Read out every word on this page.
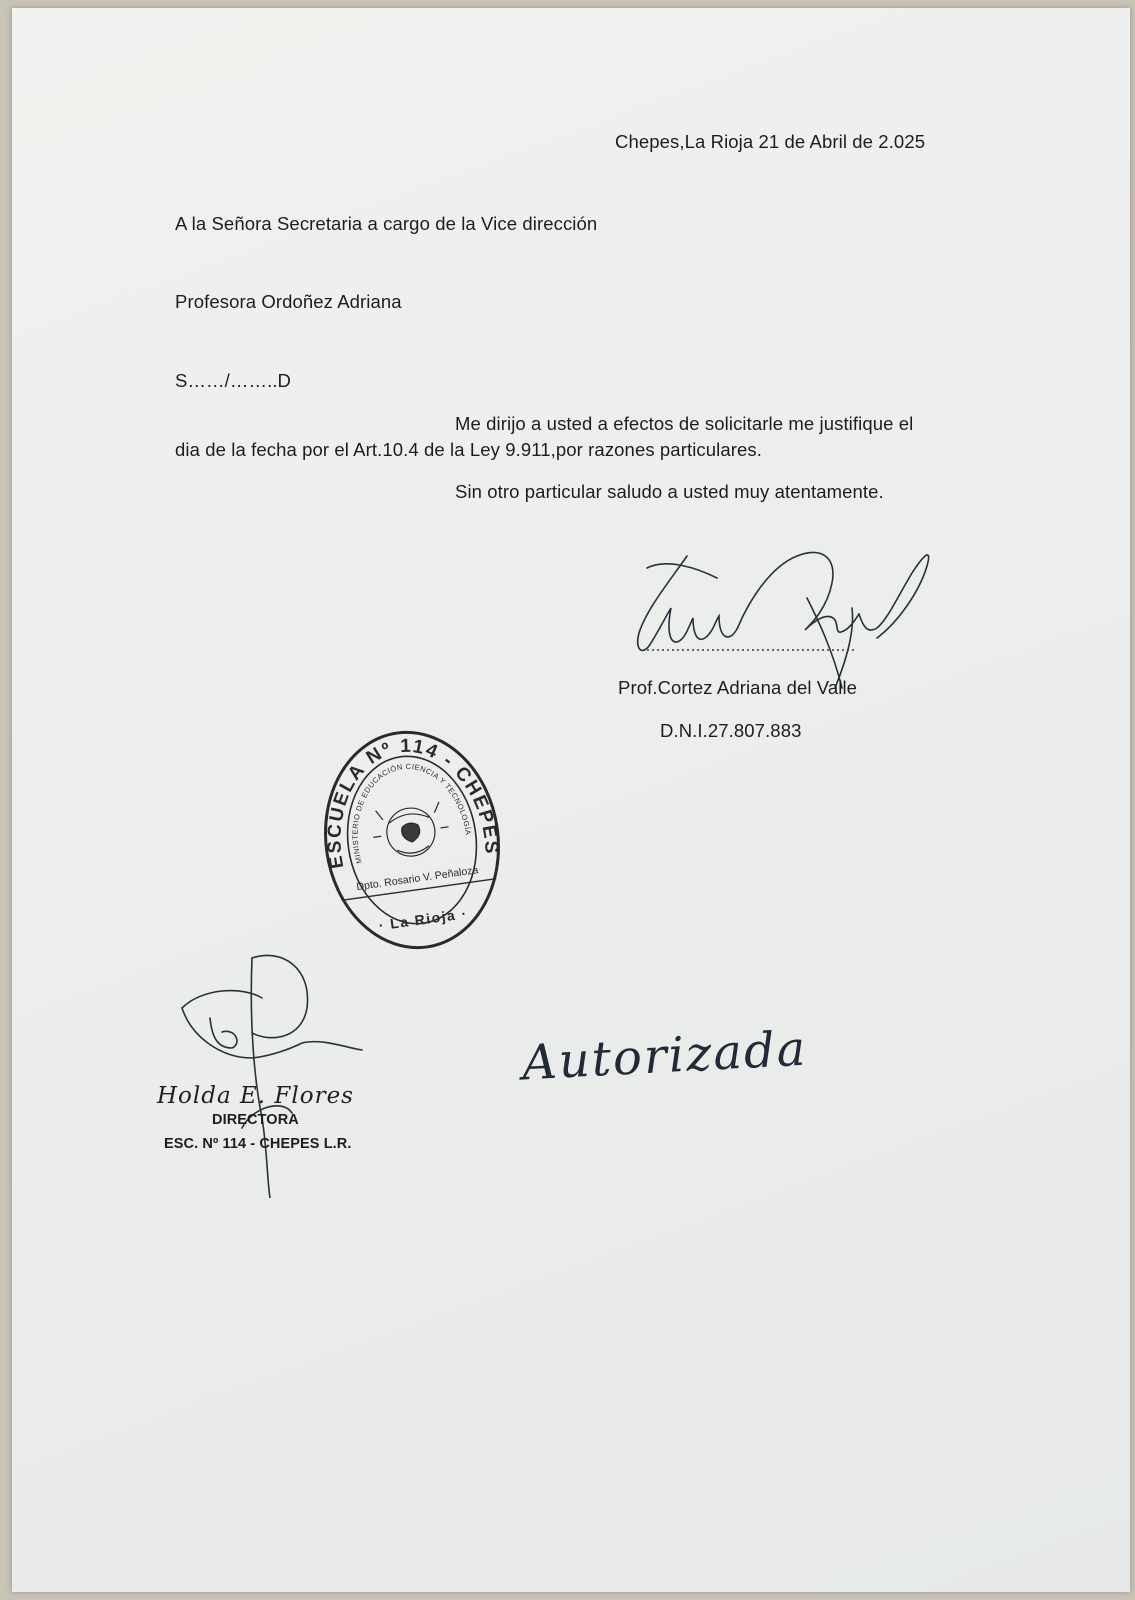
Chepes,La Rioja 21 de Abril de 2.025
A la Señora Secretaria a cargo de la Vice dirección
Profesora Ordoñez Adriana
S……/……..D
Me dirijo a usted a efectos de solicitarle me justifique el
dia de la fecha por el Art.10.4 de la Ley 9.911,por razones particulares.
Sin otro particular saludo a usted muy atentamente.
Prof.Cortez Adriana del Valle
D.N.I.27.807.883
ESCUELA Nº 114 - CHEPES
MINISTERIO DE EDUCACIÓN CIENCIA Y TECNOLOGÍA
Dpto. Rosario V. Peñaloza
· La Rioja ·
Holda E. Flores
DIRECTORA
ESC. Nº 114 - CHEPES L.R.
Autorizada
